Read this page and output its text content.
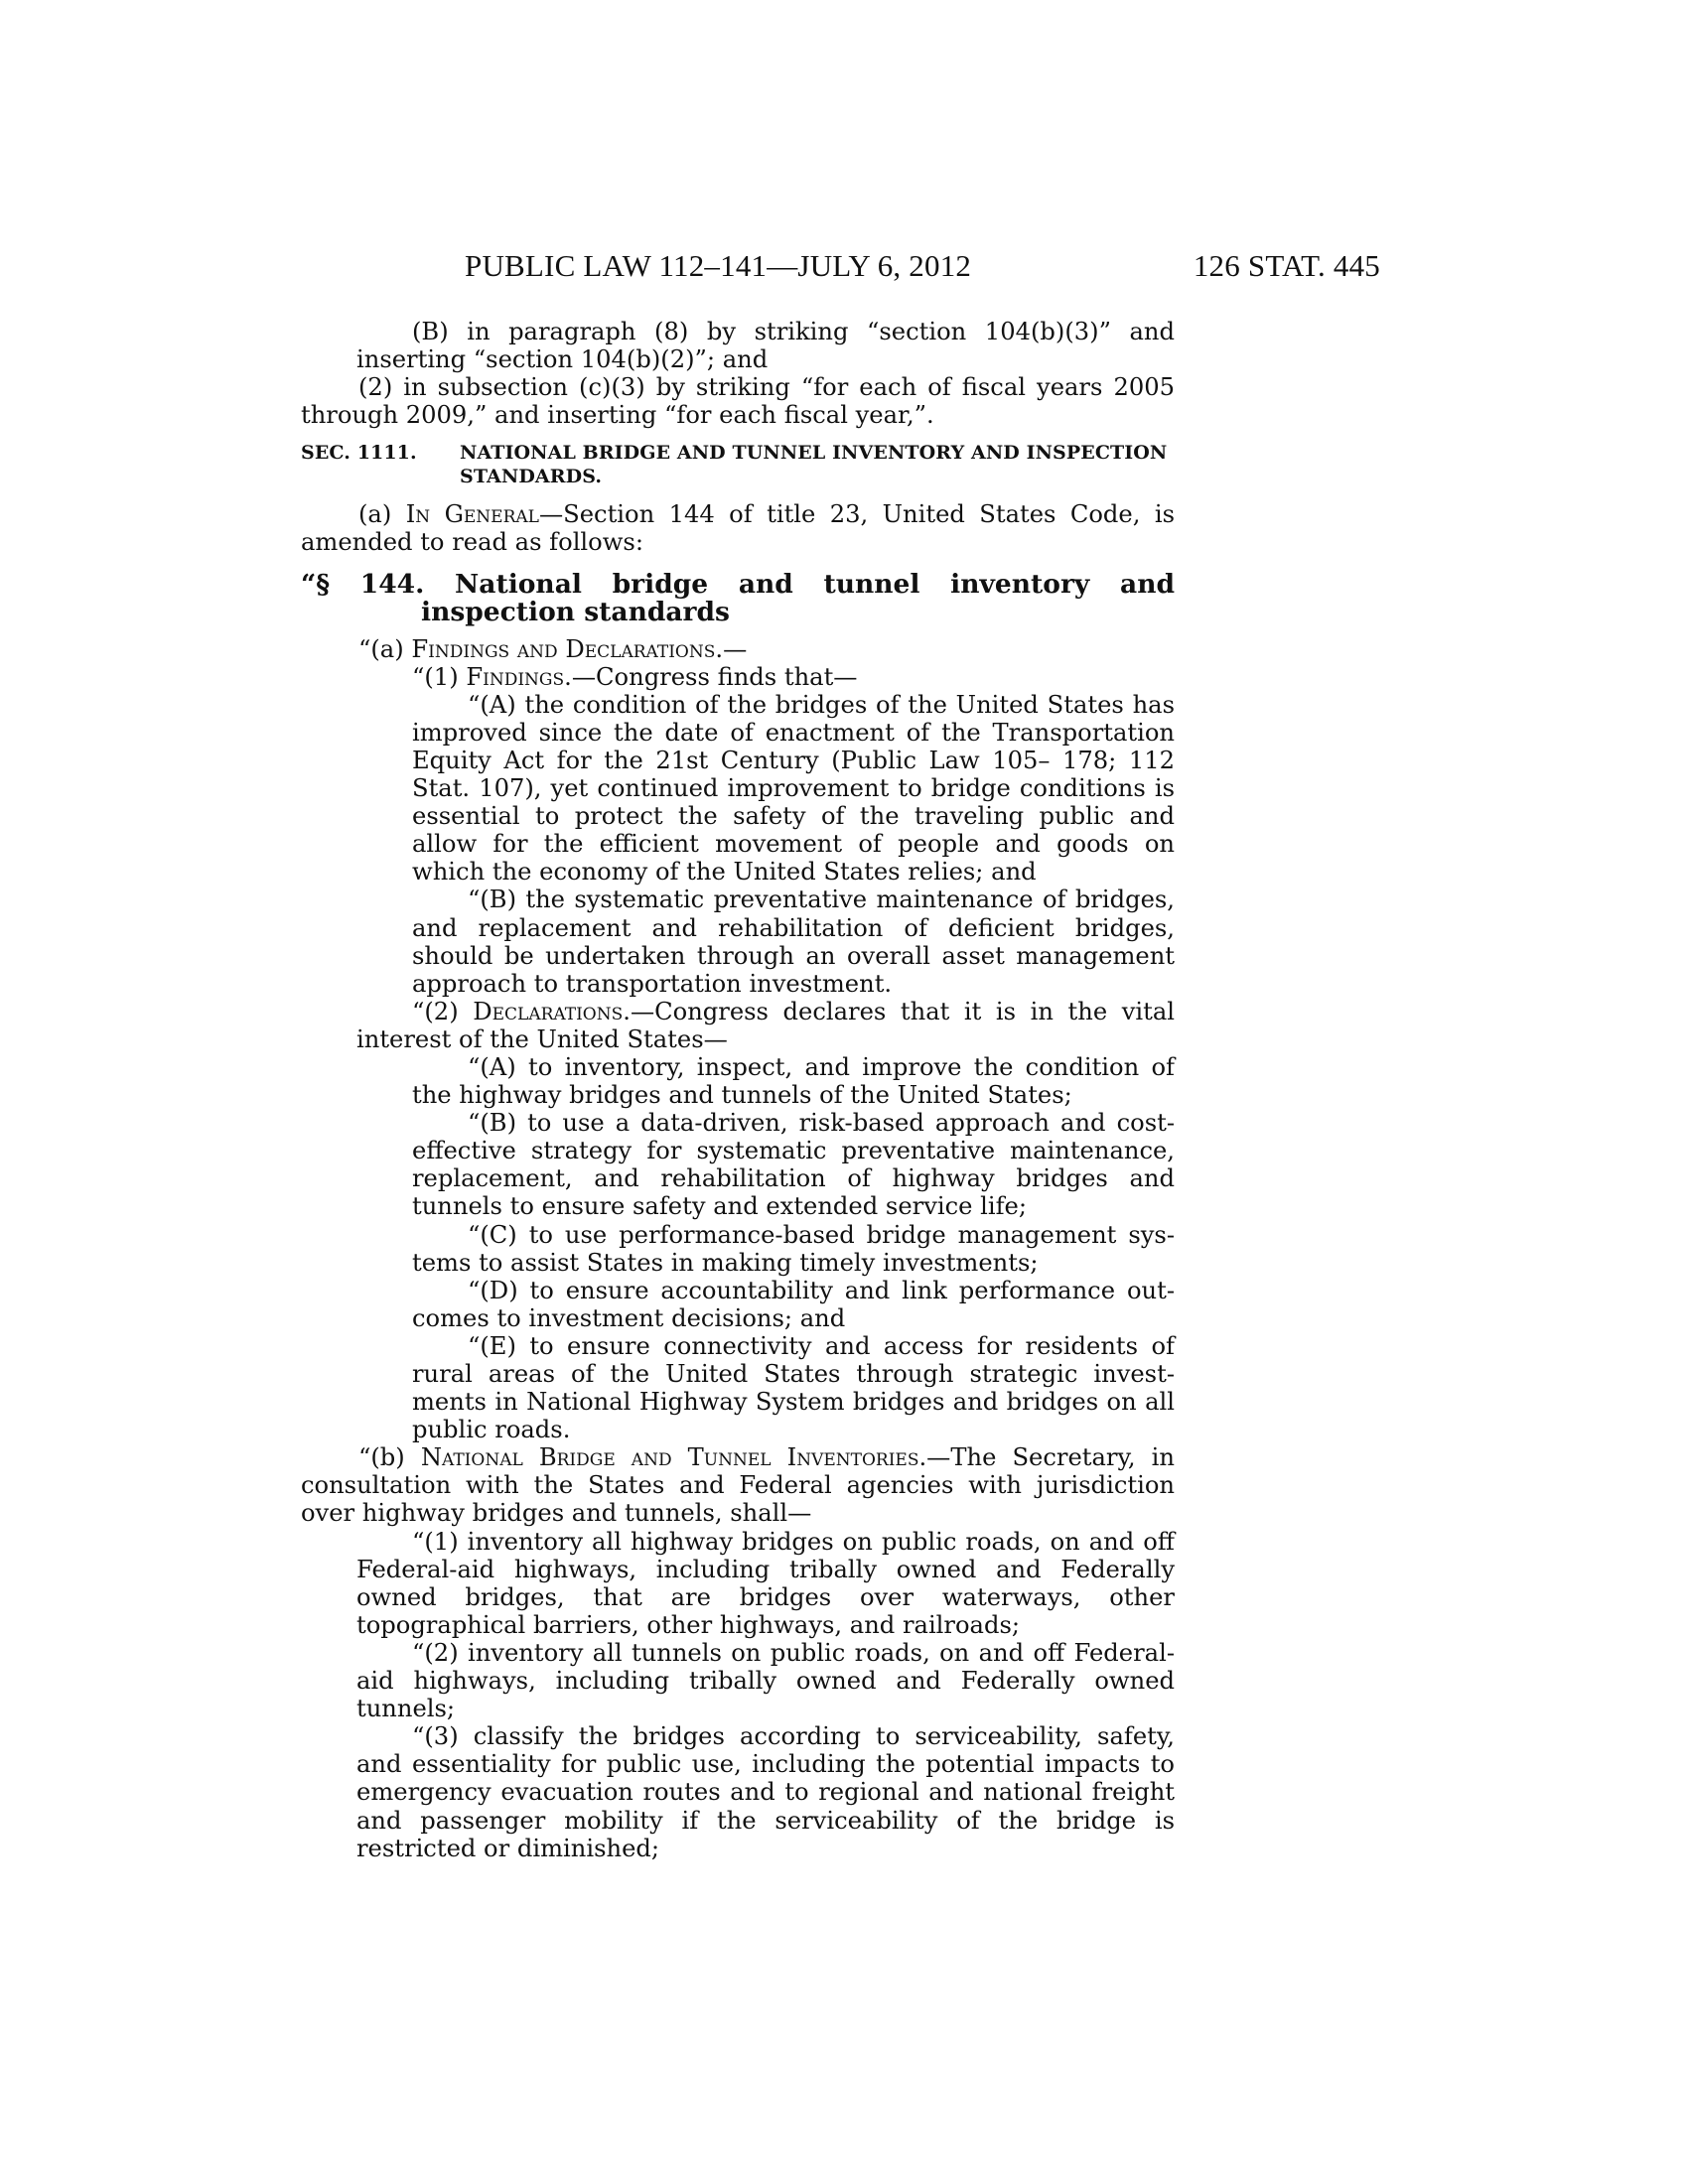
PUBLIC LAW 112–141—JULY 6, 2012	126 STAT. 445

(B) in paragraph (8) by striking “section 104(b)(3)” and inserting “section 104(b)(2)”; and

(2) in subsection (c)(3) by striking “for each of fiscal years 2005 through 2009,” and inserting “for each fiscal year,”.

SEC. 1111. NATIONAL BRIDGE AND TUNNEL INVENTORY AND INSPECTION STANDARDS.

(a) In General—Section 144 of title 23, United States Code, is amended to read as follows:

“§ 144. National bridge and tunnel inventory and inspection standards

“(a) Findings and Declarations.—

“(1) Findings.—Congress finds that—

“(A) the condition of the bridges of the United States has improved since the date of enactment of the Transportation Equity Act for the 21st Century (Public Law 105– 178; 112 Stat. 107), yet continued improvement to bridge conditions is essential to protect the safety of the traveling public and allow for the efficient movement of people and goods on which the economy of the United States relies; and

“(B) the systematic preventative maintenance of bridges, and replacement and rehabilitation of deficient bridges, should be undertaken through an overall asset management approach to transportation investment.

“(2) Declarations.—Congress declares that it is in the vital interest of the United States—

“(A) to inventory, inspect, and improve the condition of the highway bridges and tunnels of the United States;

“(B) to use a data-driven, risk-based approach and cost-effective strategy for systematic preventative maintenance, replacement, and rehabilitation of highway bridges and tunnels to ensure safety and extended service life;

“(C) to use performance-based bridge management systems to assist States in making timely investments;

“(D) to ensure accountability and link performance outcomes to investment decisions; and

“(E) to ensure connectivity and access for residents of rural areas of the United States through strategic investments in National Highway System bridges and bridges on all public roads.

“(b) National Bridge and Tunnel Inventories.—The Secretary, in consultation with the States and Federal agencies with jurisdiction over highway bridges and tunnels, shall—

“(1) inventory all highway bridges on public roads, on and off Federal-aid highways, including tribally owned and Federally owned bridges, that are bridges over waterways, other topographical barriers, other highways, and railroads;

“(2) inventory all tunnels on public roads, on and off Federal-aid highways, including tribally owned and Federally owned tunnels;

“(3) classify the bridges according to serviceability, safety, and essentiality for public use, including the potential impacts to emergency evacuation routes and to regional and national freight and passenger mobility if the serviceability of the bridge is restricted or diminished;
